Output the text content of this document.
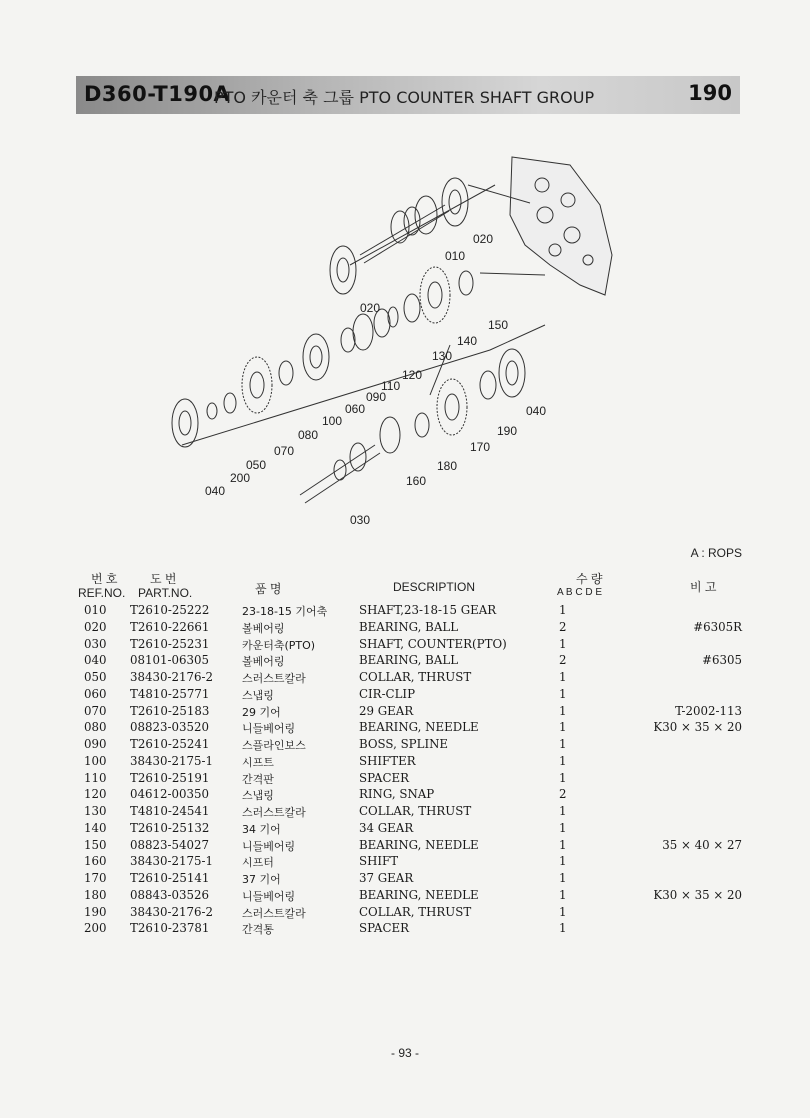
D360-T190A
PTO 카운터 축 그룹 PTO COUNTER SHAFT GROUP	190
020
010
020
150
140
130
120
110
090
060
100
080
070
050
200
040
040
190
170
180
160
030
A : ROPS
번 호
REF.NO.
도 번
PART.NO.	품 명	DESCRIPTION
수 량
A B C D E	비 고
010 T2610-25222	23-18-15 기어축	SHAFT,23-18-15 GEAR	1
020 T2610-22661	볼베어링	BEARING, BALL	2	#6305R
030 T2610-25231	카운터축(PTO)	SHAFT, COUNTER(PTO)	1
040 08101-06305	볼베어링	BEARING, BALL	2	#6305
050 38430-2176-2	스러스트칼라	COLLAR, THRUST	1
060 T4810-25771	스냅링	CIR-CLIP	1
070 T2610-25183	29 기어	29 GEAR	1	T-2002-113
080 08823-03520	니들베어링	BEARING, NEEDLE	1	K30 × 35 × 20
090 T2610-25241	스플라인보스	BOSS, SPLINE	1
100 38430-2175-1	시프트	SHIFTER	1
110 T2610-25191	간격판	SPACER	1
120 04612-00350	스냅링	RING, SNAP	2
130 T4810-24541	스러스트칼라	COLLAR, THRUST	1
140 T2610-25132	34 기어	34 GEAR	1
150 08823-54027	니들베어링	BEARING, NEEDLE	1	35 × 40 × 27
160 38430-2175-1	시프터	SHIFT	1
170 T2610-25141	37 기어	37 GEAR	1
180 08843-03526	니들베어링	BEARING, NEEDLE	1	K30 × 35 × 20
190 38430-2176-2	스러스트칼라	COLLAR, THRUST	1
200 T2610-23781	간격통	SPACER	1
- 93 -
